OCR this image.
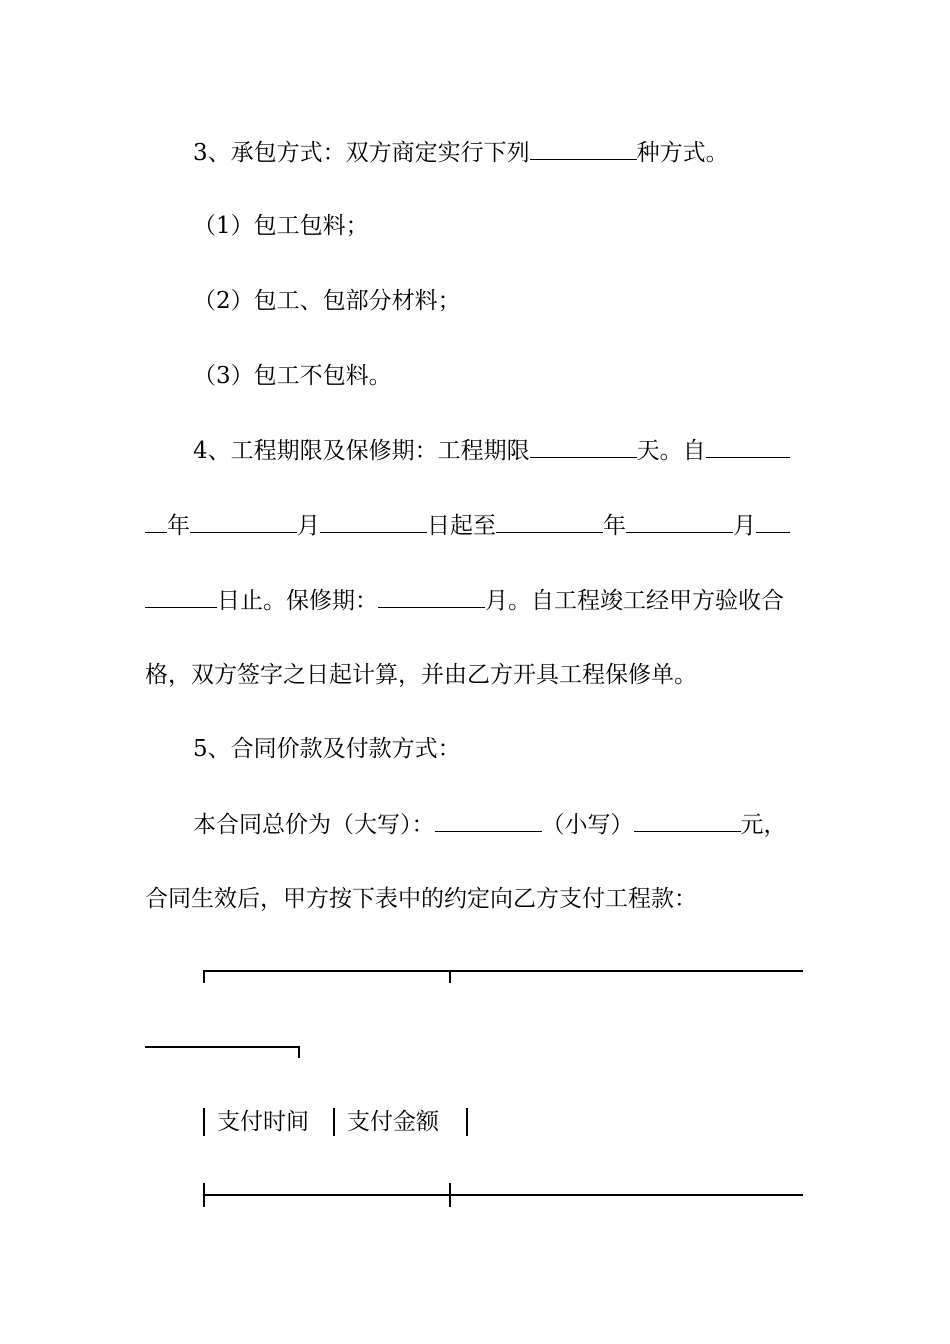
3、承包方式：双方商定实行下列	种方式。
（1）包工包料；
（2）包工、包部分材料；
（3）包工不包料。
4、工程期限及保修期：工程期限	天。自
年	月	日起至	年	月
日止。保修期：	月。自工程竣工经甲方验收合
格，双方签字之日起计算，并由乙方开具工程保修单。
5、合同价款及付款方式：
本合同总价为（大写）：	（小写）	元，
合同生效后，甲方按下表中的约定向乙方支付工程款：
支付时间	支付金额
